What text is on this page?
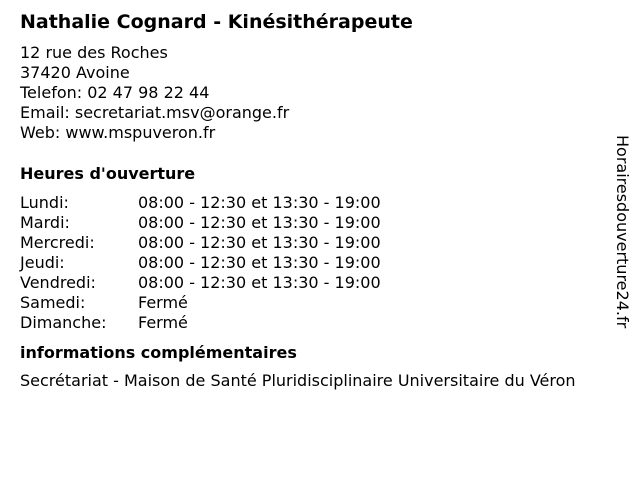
Nathalie Cognard - Kinésithérapeute

12 rue des Roches

37420 Avoine

Telefon: 02 47 98 22 44

Email: secretariat.msv@orange.fr

Web: www.mspuveron.fr

Heures d'ouverture
Lundi:	08:00 - 12:30 et 13:30 - 19:00
Mardi:	08:00 - 12:30 et 13:30 - 19:00
Mercredi:	08:00 - 12:30 et 13:30 - 19:00
Jeudi:	08:00 - 12:30 et 13:30 - 19:00
Vendredi:	08:00 - 12:30 et 13:30 - 19:00
Samedi:	Fermé
Dimanche:	Fermé
informations complémentaires

Secrétariat - Maison de Santé Pluridisciplinaire Universitaire du Véron

Horairesdouverture24.fr
